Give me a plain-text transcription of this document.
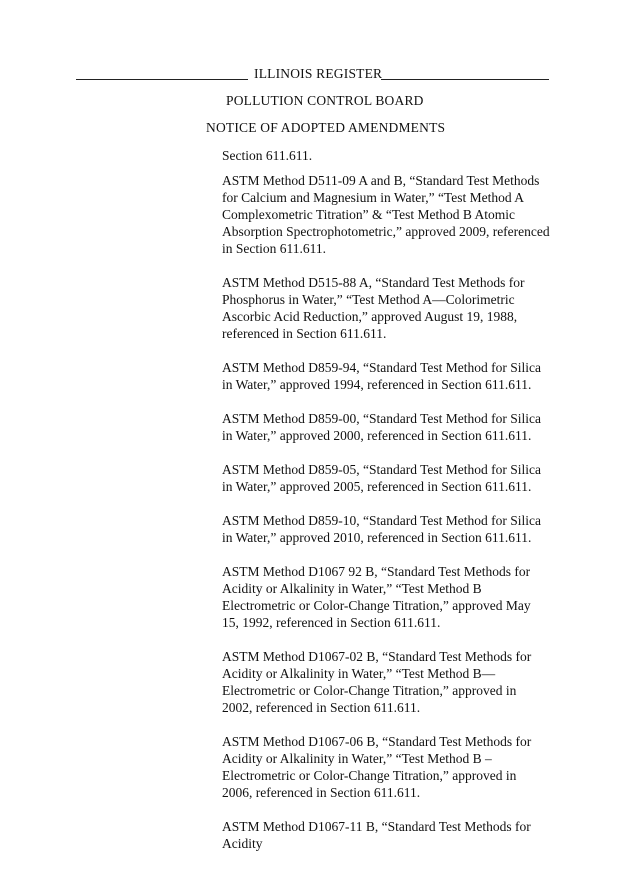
ILLINOIS REGISTER
POLLUTION CONTROL BOARD
NOTICE OF ADOPTED AMENDMENTS
Section 611.611.

ASTM Method D511-09 A and B, “Standard Test Methods for Calcium and Magnesium in Water,” “Test Method A Complexometric Titration” & “Test Method B Atomic Absorption Spectrophotometric,” approved 2009, referenced in Section 611.611.

ASTM Method D515-88 A, “Standard Test Methods for Phosphorus in Water,” “Test Method A—Colorimetric Ascorbic Acid Reduction,” approved August 19, 1988, referenced in Section 611.611.

ASTM Method D859-94, “Standard Test Method for Silica in Water,” approved 1994, referenced in Section 611.611.

ASTM Method D859-00, “Standard Test Method for Silica in Water,” approved 2000, referenced in Section 611.611.

ASTM Method D859-05, “Standard Test Method for Silica in Water,” approved 2005, referenced in Section 611.611.

ASTM Method D859-10, “Standard Test Method for Silica in Water,” approved 2010, referenced in Section 611.611.

ASTM Method D1067 92 B, “Standard Test Methods for Acidity or Alkalinity in Water,” “Test Method B Electrometric or Color-Change Titration,” approved May 15, 1992, referenced in Section 611.611.

ASTM Method D1067-02 B, “Standard Test Methods for Acidity or Alkalinity in Water,” “Test Method B—Electrometric or Color-Change Titration,” approved in 2002, referenced in Section 611.611.

ASTM Method D1067-06 B, “Standard Test Methods for Acidity or Alkalinity in Water,” “Test Method B –Electrometric or Color-Change Titration,” approved in 2006, referenced in Section 611.611.

ASTM Method D1067-11 B, “Standard Test Methods for Acidity
